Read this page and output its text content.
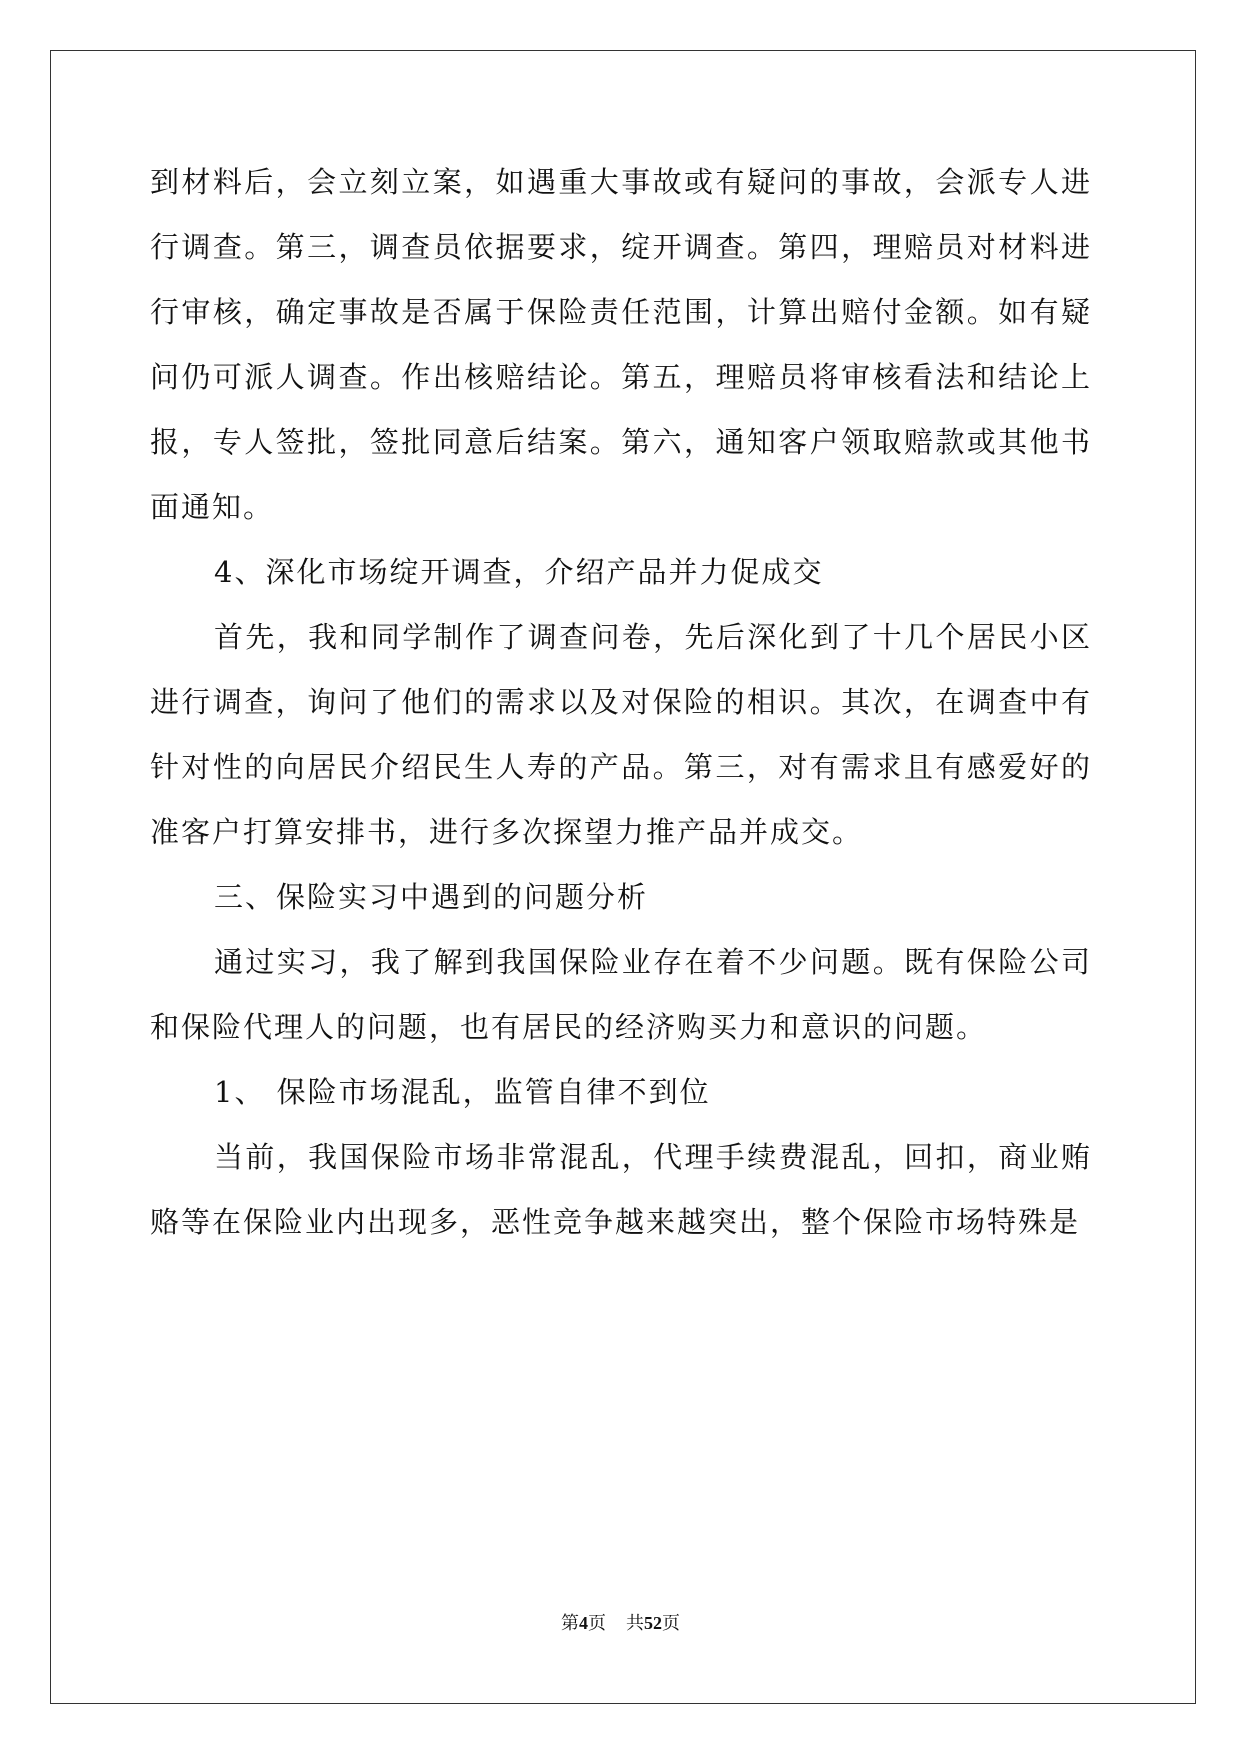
到材料后，会立刻立案，如遇重大事故或有疑问的事故，会派专人进行调查。第三，调查员依据要求，绽开调查。第四，理赔员对材料进行审核，确定事故是否属于保险责任范围，计算出赔付金额。如有疑问仍可派人调查。作出核赔结论。第五，理赔员将审核看法和结论上报，专人签批，签批同意后结案。第六，通知客户领取赔款或其他书面通知。

4、深化市场绽开调查，介绍产品并力促成交

首先，我和同学制作了调查问卷，先后深化到了十几个居民小区进行调查，询问了他们的需求以及对保险的相识。其次，在调查中有针对性的向居民介绍民生人寿的产品。第三，对有需求且有感爱好的准客户打算安排书，进行多次探望力推产品并成交。

三、保险实习中遇到的问题分析

通过实习，我了解到我国保险业存在着不少问题。既有保险公司和保险代理人的问题，也有居民的经济购买力和意识的问题。

1、 保险市场混乱，监管自律不到位

当前，我国保险市场非常混乱，代理手续费混乱，回扣，商业贿赂等在保险业内出现多，恶性竞争越来越突出，整个保险市场特殊是

第4页 共52页
